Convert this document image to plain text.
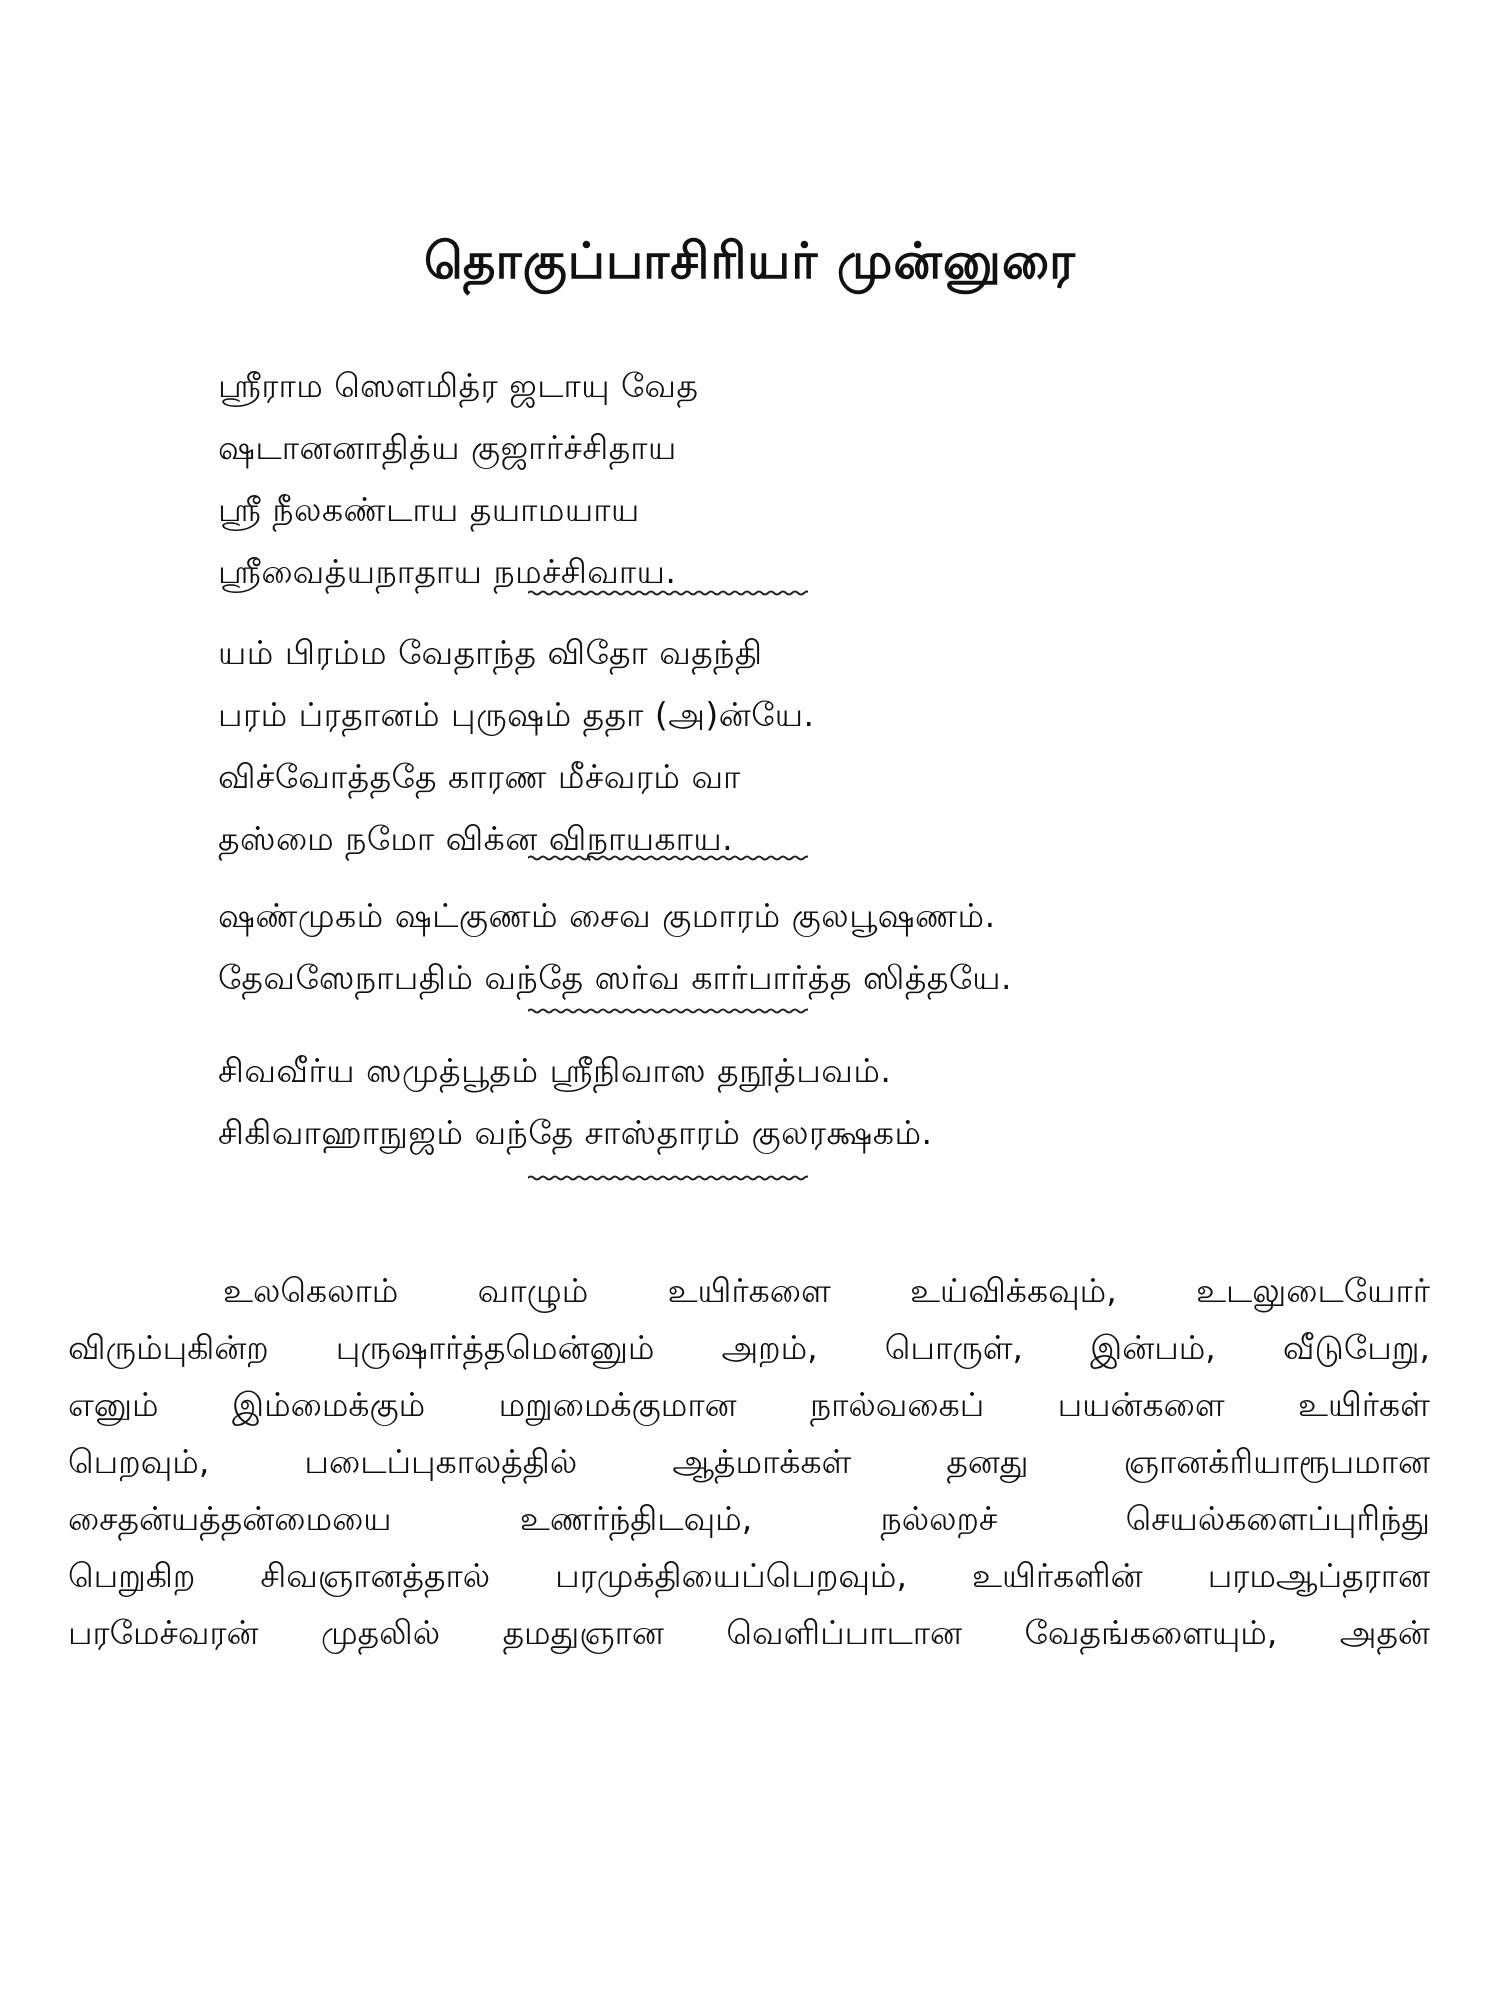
தொகுப்பாசிரியர் முன்னுரை
ஸ்ரீராம ஸௌமித்ர ஜடாயு வேத
ஷடானனாதித்ய குஜார்ச்சிதாய
ஸ்ரீ நீலகண்டாய தயாமயாய
ஸ்ரீவைத்யநாதாய நமச்சிவாய.
யம் பிரம்ம வேதாந்த விதோ வதந்தி
பரம் ப்ரதானம் புருஷம் ததா (அ)ன்யே.
விச்வோத்ததே காரண மீச்வரம் வா
தஸ்மை நமோ விக்ன விநாயகாய.
ஷண்முகம் ஷட்குணம் சைவ குமாரம் குலபூஷணம்.
தேவஸேநாபதிம் வந்தே ஸர்வ கார்பார்த்த ஸித்தயே.
சிவவீர்ய ஸமுத்பூதம் ஸ்ரீநிவாஸ தநூத்பவம்.
சிகிவாஹாநுஜம் வந்தே சாஸ்தாரம் குலரக்ஷகம்.
உலகெலாம் வாழும் உயிர்களை உய்விக்கவும், உடலுடையோர்
விரும்புகின்ற புருஷார்த்தமென்னும் அறம், பொருள், இன்பம், வீடுபேறு,
எனும் இம்மைக்கும் மறுமைக்குமான நால்வகைப் பயன்களை உயிர்கள்
பெறவும்,	படைப்புகாலத்தில்	ஆத்மாக்கள்	தனது	ஞானக்ரியாரூபமான
சைதன்யத்தன்மையை	உணர்ந்திடவும்,	நல்லறச்	செயல்களைப்புரிந்து
பெறுகிற சிவஞானத்தால் பரமுக்தியைப்பெறவும், உயிர்களின் பரமஆப்தரான
பரமேச்வரன் முதலில் தமதுஞான வெளிப்பாடான வேதங்களையும், அதன்
